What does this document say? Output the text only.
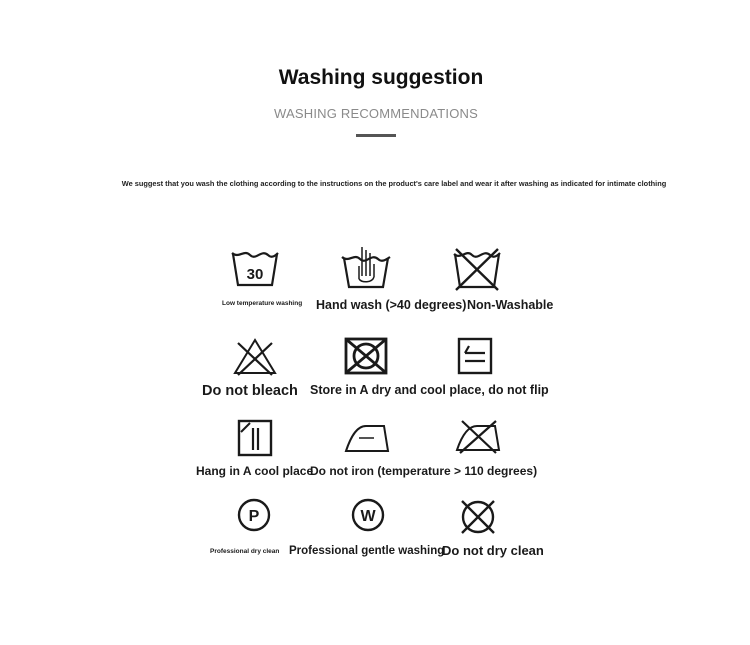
Washing suggestion
WASHING RECOMMENDATIONS
We suggest that you wash the clothing according to the instructions on the product's care label and wear it after washing as indicated for intimate clothing
30
Low temperature washing Hand wash (>40 degrees) Non-Washable
Do not bleach Store in A dry and cool place, do not flip
Hang in A cool place
Do not iron (temperature > 110 degrees)
P
Professional dry clean
W
Professional gentle washing
Do not dry clean
